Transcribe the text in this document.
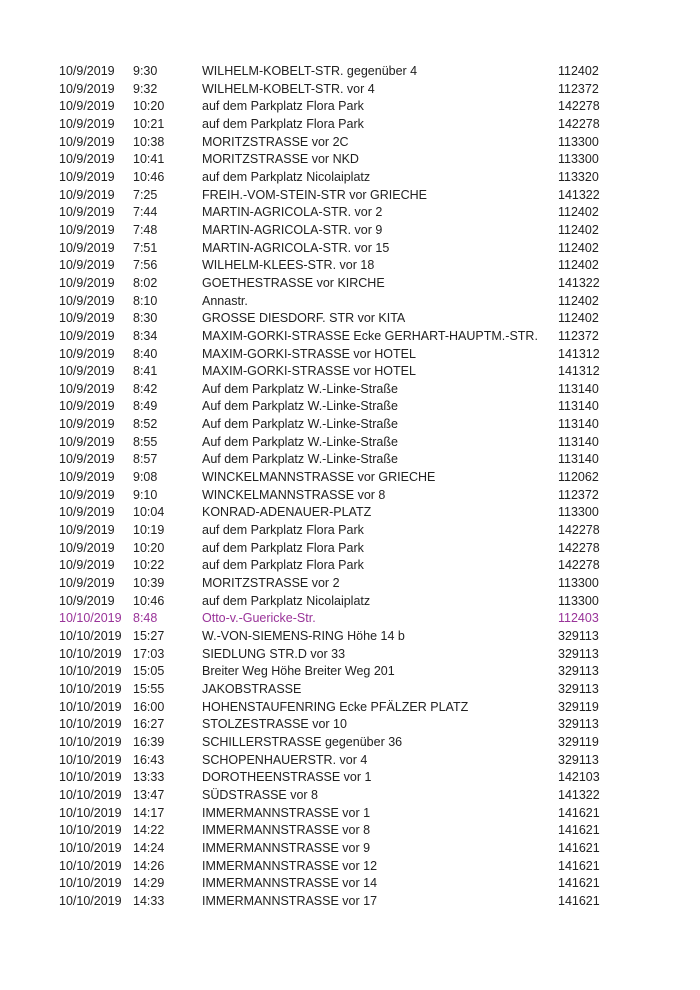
10/9/2019 9:30	WILHELM-KOBELT-STR. gegenüber 4	112402
10/9/2019 9:32	WILHELM-KOBELT-STR. vor 4	112372
10/9/2019 10:20	auf dem Parkplatz Flora Park	142278
10/9/2019 10:21	auf dem Parkplatz Flora Park	142278
10/9/2019 10:38	MORITZSTRASSE vor 2C	113300
10/9/2019 10:41	MORITZSTRASSE vor NKD	113300
10/9/2019 10:46	auf dem Parkplatz Nicolaiplatz	113320
10/9/2019 7:25	FREIH.-VOM-STEIN-STR vor GRIECHE	141322
10/9/2019 7:44	MARTIN-AGRICOLA-STR. vor 2	112402
10/9/2019 7:48	MARTIN-AGRICOLA-STR. vor 9	112402
10/9/2019 7:51	MARTIN-AGRICOLA-STR. vor 15	112402
10/9/2019 7:56	WILHELM-KLEES-STR. vor 18	112402
10/9/2019 8:02	GOETHESTRASSE vor KIRCHE	141322
10/9/2019 8:10	Annastr.	112402
10/9/2019 8:30	GROSSE DIESDORF. STR vor KITA	112402
10/9/2019 8:34	MAXIM-GORKI-STRASSE Ecke GERHART-HAUPTM.-STR. 112372
10/9/2019 8:40	MAXIM-GORKI-STRASSE vor HOTEL	141312
10/9/2019 8:41	MAXIM-GORKI-STRASSE vor HOTEL	141312
10/9/2019 8:42	Auf dem Parkplatz W.-Linke-Straße	113140
10/9/2019 8:49	Auf dem Parkplatz W.-Linke-Straße	113140
10/9/2019 8:52	Auf dem Parkplatz W.-Linke-Straße	113140
10/9/2019 8:55	Auf dem Parkplatz W.-Linke-Straße	113140
10/9/2019 8:57	Auf dem Parkplatz W.-Linke-Straße	113140
10/9/2019 9:08	WINCKELMANNSTRASSE vor GRIECHE	112062
10/9/2019 9:10	WINCKELMANNSTRASSE vor 8	112372
10/9/2019 10:04	KONRAD-ADENAUER-PLATZ	113300
10/9/2019 10:19	auf dem Parkplatz Flora Park	142278
10/9/2019 10:20	auf dem Parkplatz Flora Park	142278
10/9/2019 10:22	auf dem Parkplatz Flora Park	142278
10/9/2019 10:39	MORITZSTRASSE vor 2	113300
10/9/2019 10:46	auf dem Parkplatz Nicolaiplatz	113300
10/10/2019 8:48	Otto-v.-Guericke-Str.	112403
10/10/2019 15:27	W.-VON-SIEMENS-RING Höhe 14 b	329113
10/10/2019 17:03	SIEDLUNG STR.D vor 33	329113
10/10/2019 15:05	Breiter Weg Höhe Breiter Weg 201	329113
10/10/2019 15:55	JAKOBSTRASSE	329113
10/10/2019 16:00	HOHENSTAUFENRING Ecke PFÄLZER PLATZ	329119
10/10/2019 16:27	STOLZESTRASSE vor 10	329113
10/10/2019 16:39	SCHILLERSTRASSE gegenüber 36	329119
10/10/2019 16:43	SCHOPENHAUERSTR. vor 4	329113
10/10/2019 13:33	DOROTHEENSTRASSE vor 1	142103
10/10/2019 13:47	SÜDSTRASSE vor 8	141322
10/10/2019 14:17	IMMERMANNSTRASSE vor 1	141621
10/10/2019 14:22	IMMERMANNSTRASSE vor 8	141621
10/10/2019 14:24	IMMERMANNSTRASSE vor 9	141621
10/10/2019 14:26	IMMERMANNSTRASSE vor 12	141621
10/10/2019 14:29	IMMERMANNSTRASSE vor 14	141621
10/10/2019 14:33	IMMERMANNSTRASSE vor 17	141621
